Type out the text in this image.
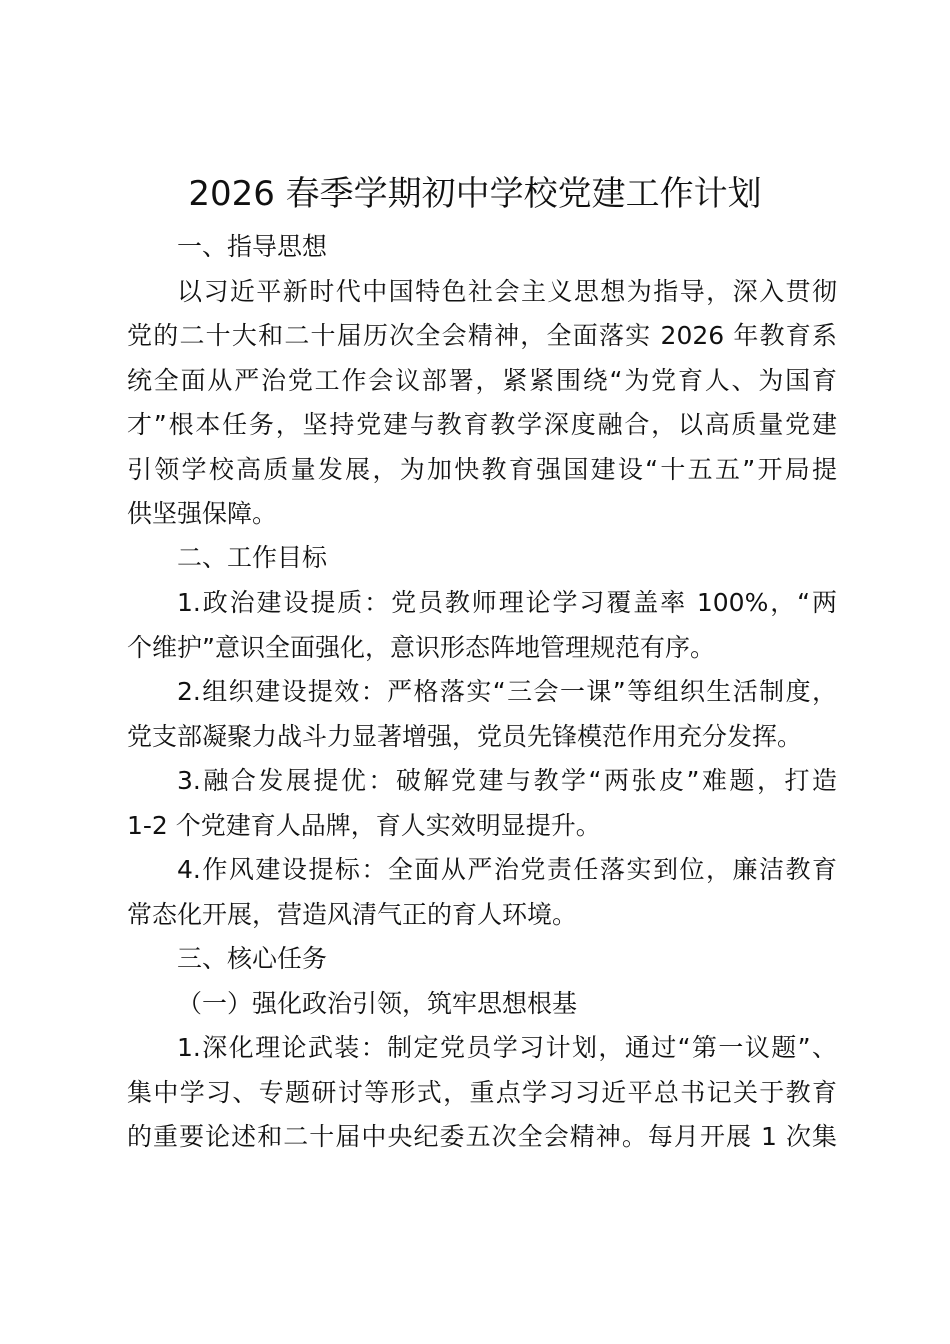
2026 春季学期初中学校党建工作计划

一、指导思想

以习近平新时代中国特色社会主义思想为指导，深入贯彻

党的二十大和二十届历次全会精神，全面落实 2026 年教育系

统全面从严治党工作会议部署，紧紧围绕“为党育人、为国育

才”根本任务，坚持党建与教育教学深度融合，以高质量党建

引领学校高质量发展，为加快教育强国建设“十五五”开局提

供坚强保障。

二、工作目标

1.政治建设提质：党员教师理论学习覆盖率 100%，“两

个维护”意识全面强化，意识形态阵地管理规范有序。

2.组织建设提效：严格落实“三会一课”等组织生活制度，

党支部凝聚力战斗力显著增强，党员先锋模范作用充分发挥。

3.融合发展提优：破解党建与教学“两张皮”难题，打造

1-2 个党建育人品牌，育人实效明显提升。

4.作风建设提标：全面从严治党责任落实到位，廉洁教育

常态化开展，营造风清气正的育人环境。

三、核心任务

（一）强化政治引领，筑牢思想根基

1.深化理论武装：制定党员学习计划，通过“第一议题”、

集中学习、专题研讨等形式，重点学习习近平总书记关于教育

的重要论述和二十届中央纪委五次全会精神。每月开展 1 次集
